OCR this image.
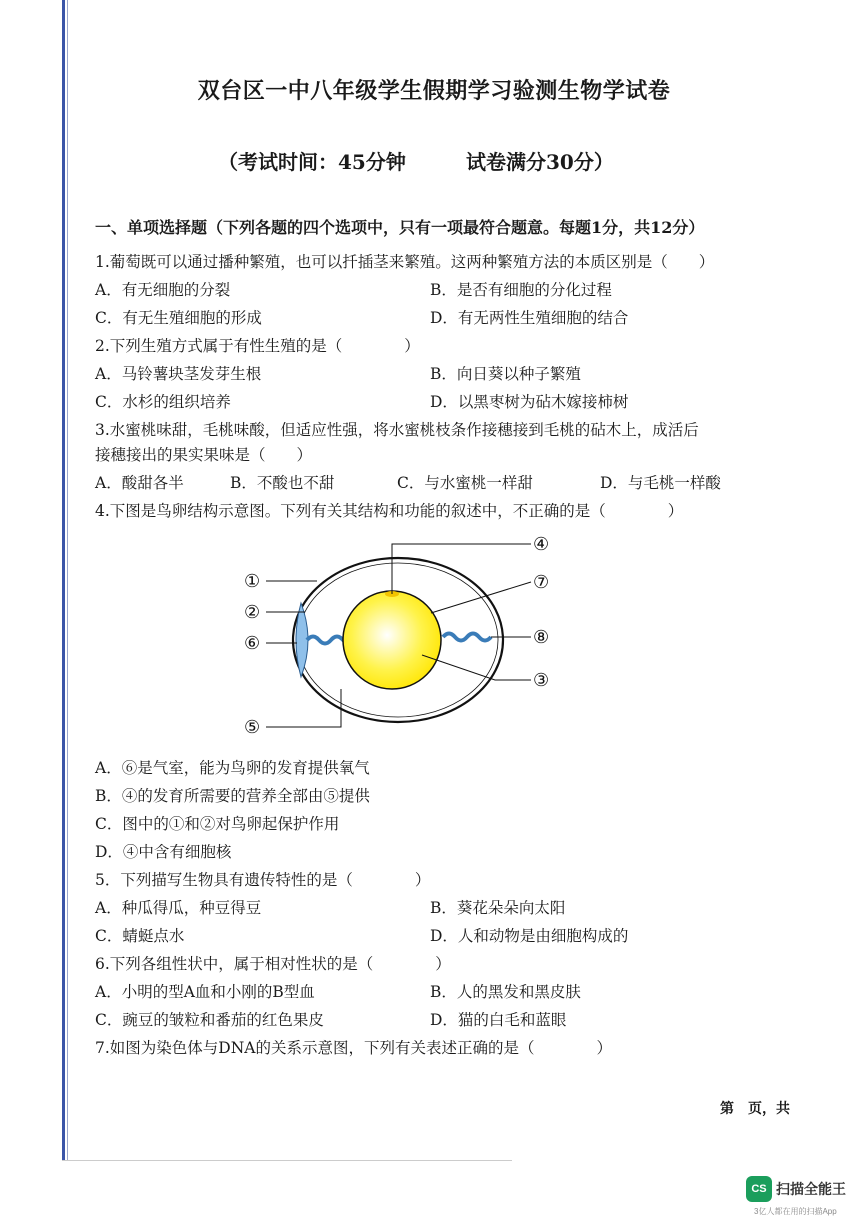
双台区一中八年级学生假期学习验测生物学试卷
（考试时间：45分钟	试卷满分30分）
一、单项选择题（下列各题的四个选项中，只有一项最符合题意。每题1分，共12分）
1.葡萄既可以通过播种繁殖，也可以扦插茎来繁殖。这两种繁殖方法的本质区别是（　　）
A．有无细胞的分裂	B．是否有细胞的分化过程
C．有无生殖细胞的形成	D．有无两性生殖细胞的结合
2.下列生殖方式属于有性生殖的是（　　　　）
A．马铃薯块茎发芽生根	B．向日葵以种子繁殖
C．水杉的组织培养	D．以黑枣树为砧木嫁接柿树
3.水蜜桃味甜，毛桃味酸，但适应性强，将水蜜桃枝条作接穗接到毛桃的砧木上，成活后
接穗接出的果实果味是（　　）
A．酸甜各半	B．不酸也不甜	C．与水蜜桃一样甜	D．与毛桃一样酸
4.下图是鸟卵结构示意图。下列有关其结构和功能的叙述中，不正确的是（　　　　）
①
②
⑥
⑤
④
⑦
⑧
③
A．⑥是气室，能为鸟卵的发育提供氧气
B．④的发育所需要的营养全部由⑤提供
C．图中的①和②对鸟卵起保护作用
D．④中含有细胞核
5．下列描写生物具有遗传特性的是（　　　　）
A．种瓜得瓜，种豆得豆	B．葵花朵朵向太阳
C．蜻蜓点水	D．人和动物是由细胞构成的
6.下列各组性状中，属于相对性状的是（　　　　）
A．小明的型A血和小刚的B型血	B．人的黑发和黑皮肤
C．豌豆的皱粒和番茄的红色果皮	D．猫的白毛和蓝眼
7.如图为染色体与DNA的关系示意图，下列有关表述正确的是（　　　　）
第　页，共
CS 扫描全能王
3亿人都在用的扫描App
